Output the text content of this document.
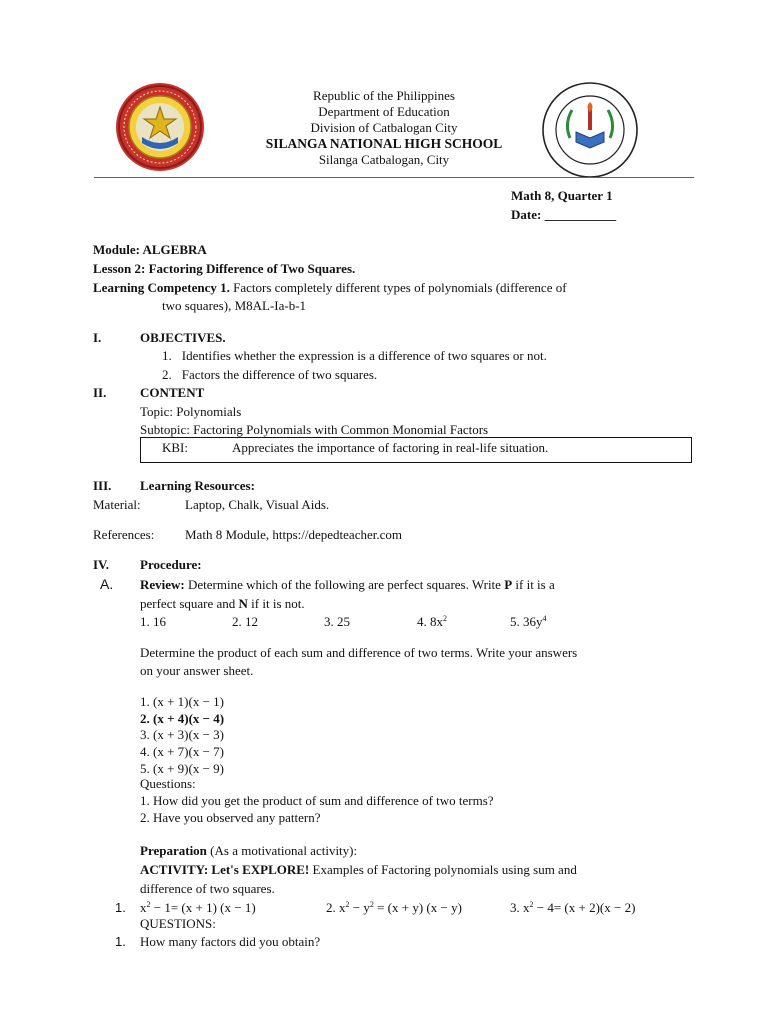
Republic of the Philippines
Department of Education
Division of Catbalogan City
SILANGA NATIONAL HIGH SCHOOL
Silanga Catbalogan, City
Math 8, Quarter 1
Date: ___________
Module: ALGEBRA
Lesson 2: Factoring Difference of Two Squares.
Learning Competency 1. Factors completely different types of polynomials (difference of
two squares), M8AL-Ia-b-1
I.	OBJECTIVES.
1. Identifies whether the expression is a difference of two squares or not.
2. Factors the difference of two squares.
II.	CONTENT
Topic: Polynomials
Subtopic: Factoring Polynomials with Common Monomial Factors
KBI:	Appreciates the importance of factoring in real-life situation.
III. Learning Resources:
Material:	Laptop, Chalk, Visual Aids.
References: Math 8 Module, https://depedteacher.com
IV. Procedure:
A. Review: Determine which of the following are perfect squares. Write P if it is a
perfect square and N if it is not.
1. 16	2. 12	3. 25	4. $8x^2$	5. $36y^4$
Determine the product of each sum and difference of two terms. Write your answers
on your answer sheet.
1. (x + 1)(x − 1)
2. (x + 4)(x − 4)
3. (x + 3)(x − 3)
4. (x + 7)(x − 7)
5. (x + 9)(x − 9)
Questions:
1. How did you get the product of sum and difference of two terms?
2. Have you observed any pattern?
Preparation (As a motivational activity):
ACTIVITY: Let's EXPLORE! Examples of Factoring polynomials using sum and
difference of two squares.
1. $x^2 - 1= (x + 1) (x - 1)$	2. $x^2 - y^2 = (x + y) (x - y)$	3. $x^2 - 4= (x + 2)(x - 2)$
QUESTIONS:
1. How many factors did you obtain?
